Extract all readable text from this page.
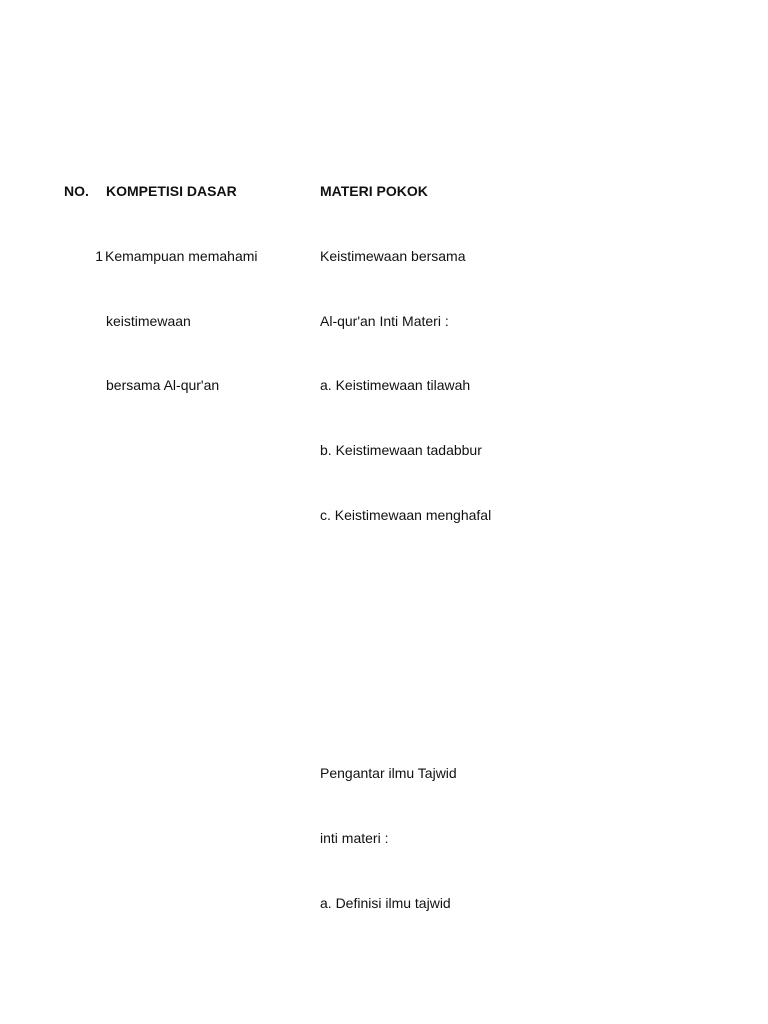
NO. KOMPETISI DASAR	MATERI POKOK
1 Kemampuan memahami
keistimewaan
bersama Al-qur'an
Keistimewaan bersama
Al-qur'an Inti Materi :
a. Keistimewaan tilawah
b. Keistimewaan tadabbur
c. Keistimewaan menghafal
Pengantar ilmu Tajwid
inti materi :
a. Definisi ilmu tajwid
